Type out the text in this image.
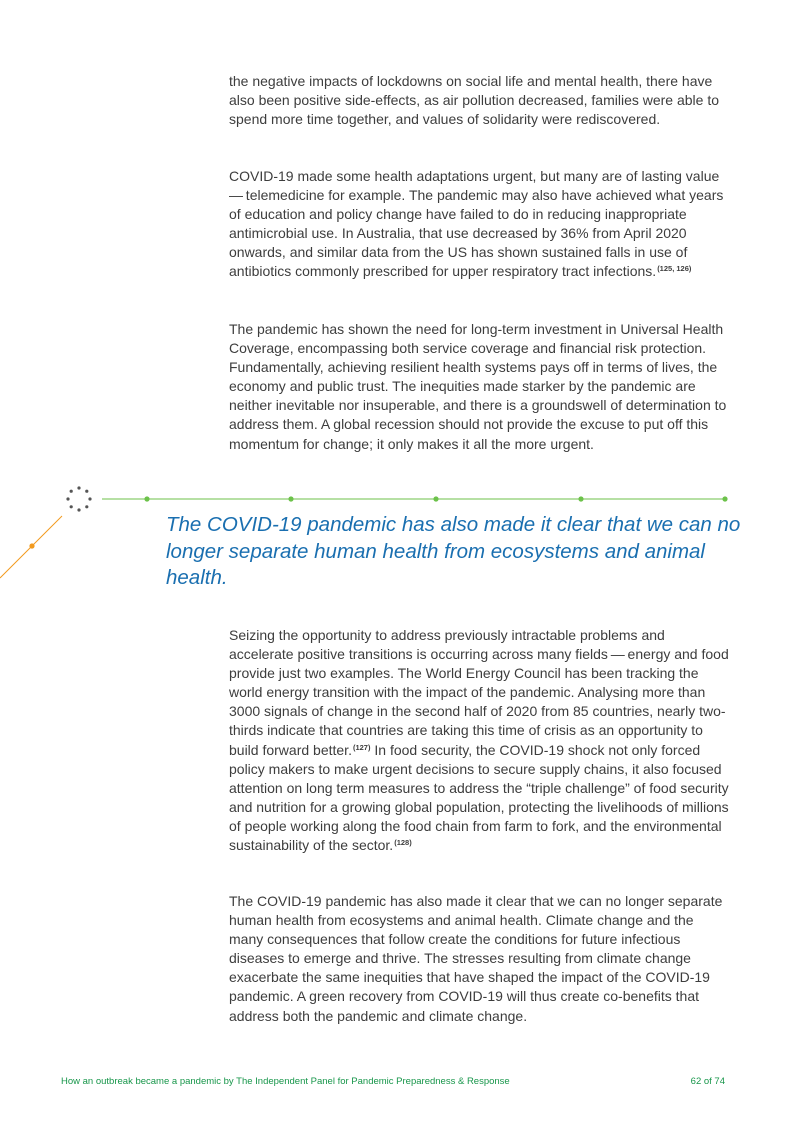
the negative impacts of lockdowns on social life and mental health, there have also been positive side-effects, as air pollution decreased, families were able to spend more time together, and values of solidarity were rediscovered.

COVID-19 made some health adaptations urgent, but many are of lasting value — telemedicine for example. The pandemic may also have achieved what years of education and policy change have failed to do in reducing inappropriate antimicrobial use. In Australia, that use decreased by 36% from April 2020 onwards, and similar data from the US has shown sustained falls in use of antibiotics commonly prescribed for upper respiratory tract infections.$^{(125, 126)}$

The pandemic has shown the need for long-term investment in Universal Health Coverage, encompassing both service coverage and financial risk protection. Fundamentally, achieving resilient health systems pays off in terms of lives, the economy and public trust. The inequities made starker by the pandemic are neither inevitable nor insuperable, and there is a groundswell of determination to address them. A global recession should not provide the excuse to put off this momentum for change; it only makes it all the more urgent.

The COVID-19 pandemic has also made it clear that we can no longer separate human health from ecosystems and animal health.

Seizing the opportunity to address previously intractable problems and accelerate positive transitions is occurring across many fields — energy and food provide just two examples. The World Energy Council has been tracking the world energy transition with the impact of the pandemic. Analysing more than 3000 signals of change in the second half of 2020 from 85 countries, nearly two-thirds indicate that countries are taking this time of crisis as an opportunity to build forward better.$^{(127)}$ In food security, the COVID-19 shock not only forced policy makers to make urgent decisions to secure supply chains, it also focused attention on long term measures to address the “triple challenge” of food security and nutrition for a growing global population, protecting the livelihoods of millions of people working along the food chain from farm to fork, and the environmental sustainability of the sector.$^{(128)}$

The COVID-19 pandemic has also made it clear that we can no longer separate human health from ecosystems and animal health. Climate change and the many consequences that follow create the conditions for future infectious diseases to emerge and thrive. The stresses resulting from climate change exacerbate the same inequities that have shaped the impact of the COVID-19 pandemic. A green recovery from COVID-19 will thus create co-benefits that address both the pandemic and climate change.

How an outbreak became a pandemic by The Independent Panel for Pandemic Preparedness & Response	62 of 74
